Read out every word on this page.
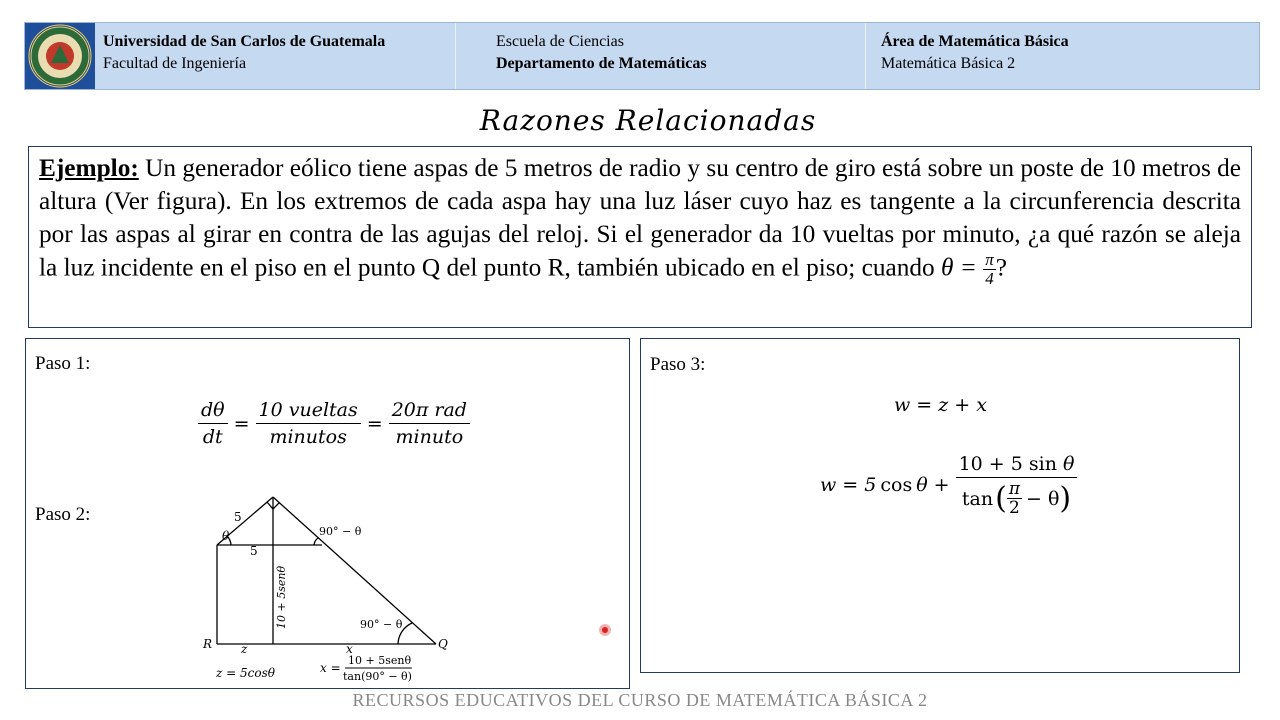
Universidad de San Carlos de Guatemala
Facultad de Ingeniería
Escuela de Ciencias
Departamento de Matemáticas
Área de Matemática Básica
Matemática Básica 2
Razones Relacionadas
Ejemplo: Un generador eólico tiene aspas de 5 metros de radio y su centro de giro está sobre un poste de 10 metros de altura (Ver figura). En los extremos de cada aspa hay una luz láser cuyo haz es tangente a la circunferencia descrita por las aspas al girar en contra de las agujas del reloj. Si el generador da 10 vueltas por minuto, ¿a qué razón se aleja la luz incidente en el piso en el punto Q del punto R, también ubicado en el piso; cuando $\theta = \frac{\pi}{4}$ ?
Paso 1:
$\frac{d\theta}{dt}$ =
10 vueltas
minutos
=
20π rad
minuto
Paso 2:	5
θ
5
90° − θ
10 + 5senθ	90° − θ
R	Q
z	x
z = 5cosθ	x =
10 + 5senθ
tan(90° − θ)
Paso 3:
w = z + x
w = 5 cos θ + 10 + 5 sin θ
tan ( π
2 − θ )
RECURSOS EDUCATIVOS DEL CURSO DE MATEMÁTICA BÁSICA 2
